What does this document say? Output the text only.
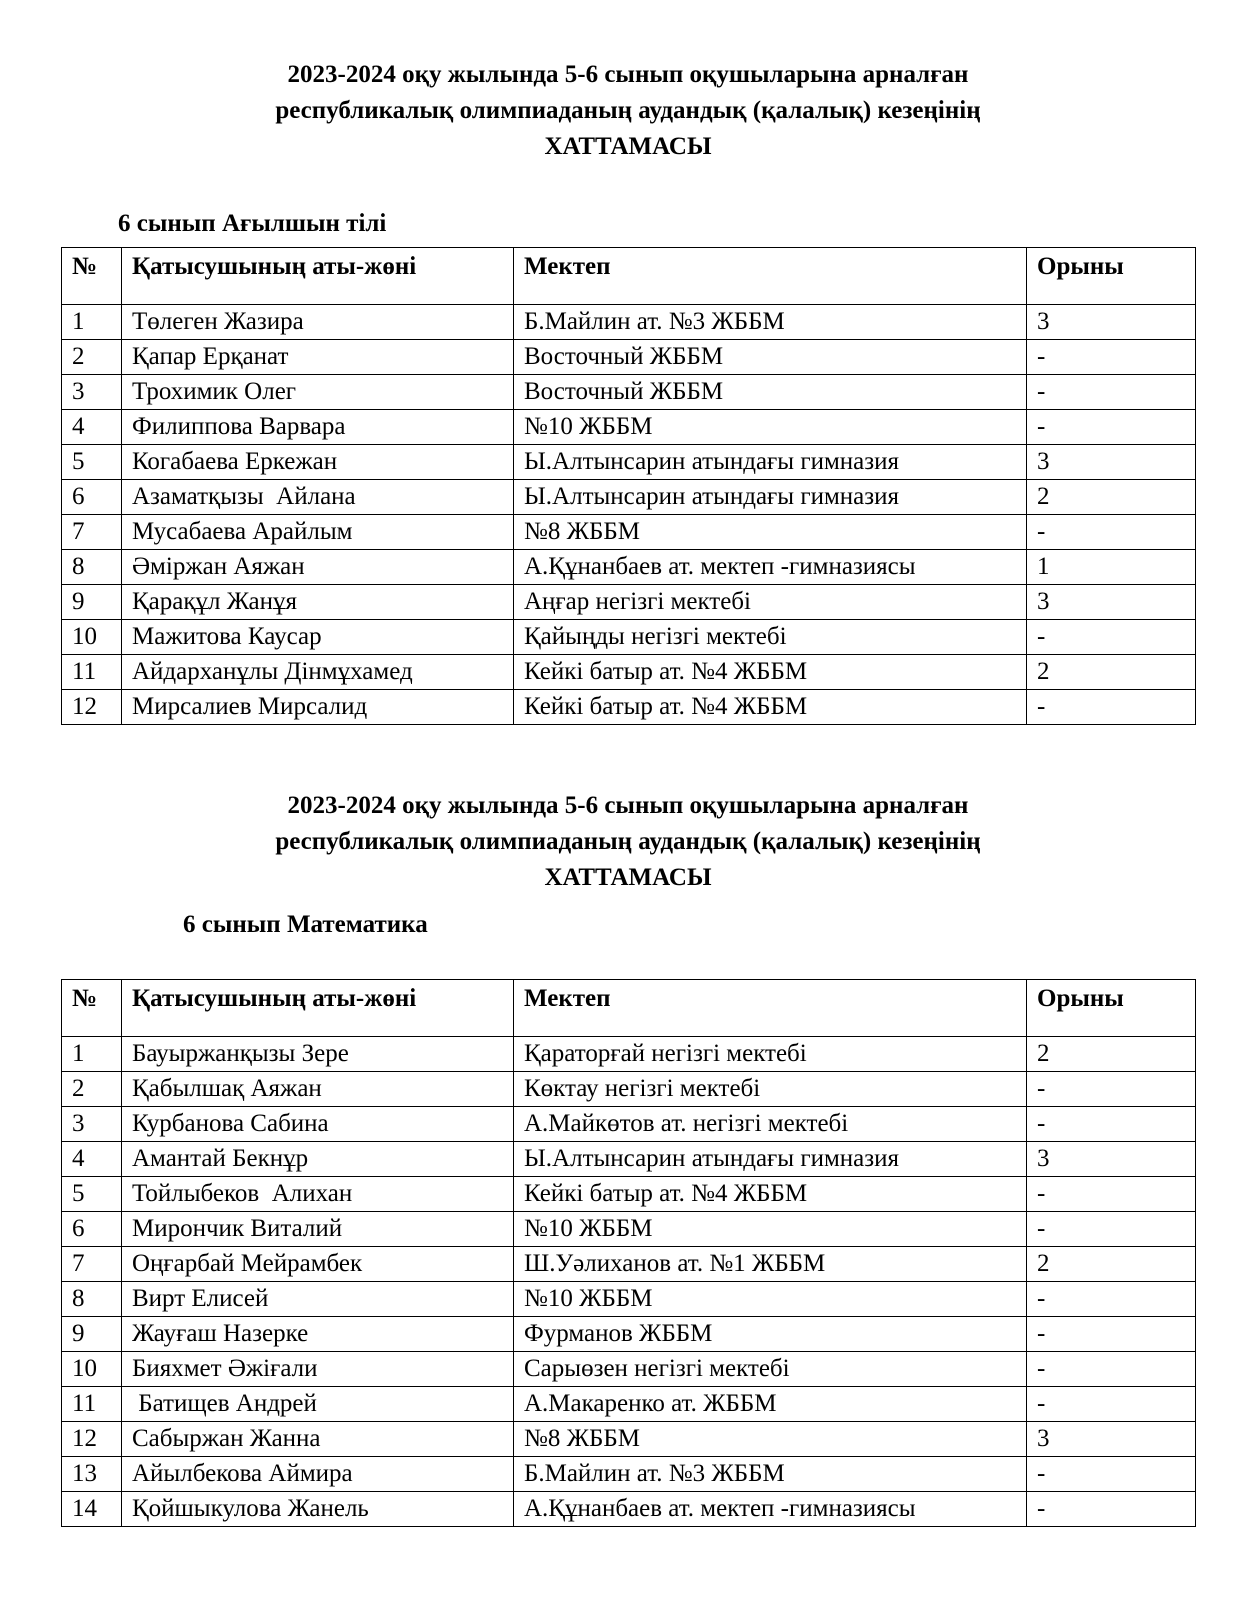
2023-2024 оқу жылында 5-6 сынып оқушыларына арналған
республикалық олимпиаданың аудандық (қалалық) кезеңінің
ХАТТАМАСЫ
6 сынып Ағылшын тілі
№	Қатысушының аты-жөні	Мектеп	Орыны
1	Төлеген Жазира	Б.Майлин ат. №3 ЖББМ	3
2	Қапар Ерқанат	Восточный ЖББМ	-
3	Трохимик Олег	Восточный ЖББМ	-
4	Филиппова Варвара	№10 ЖББМ	-
5	Когабаева Еркежан	Ы.Алтынсарин атындағы гимназия	3
6	Азаматқызы  Айлана	Ы.Алтынсарин атындағы гимназия	2
7	Мусабаева Арайлым	№8 ЖББМ	-
8	Әміржан Аяжан	А.Құнанбаев ат. мектеп -гимназиясы	1
9	Қарақұл Жанұя	Аңғар негізгі мектебі	3
10	Мажитова Каусар	Қайыңды негізгі мектебі	-
11	Айдарханұлы Дінмұхамед	Кейкі батыр ат. №4 ЖББМ	2
12	Мирсалиев Мирсалид	Кейкі батыр ат. №4 ЖББМ	-
2023-2024 оқу жылында 5-6 сынып оқушыларына арналған
республикалық олимпиаданың аудандық (қалалық) кезеңінің
ХАТТАМАСЫ
6 сынып Математика
№	Қатысушының аты-жөні	Мектеп	Орыны
1	Бауыржанқызы Зере	Қараторғай негізгі мектебі	2
2	Қабылшақ Аяжан	Көктау негізгі мектебі	-
3	Курбанова Сабина	А.Майкөтов ат. негізгі мектебі	-
4	Амантай Бекнұр	Ы.Алтынсарин атындағы гимназия	3
5	Тойлыбеков  Алихан	Кейкі батыр ат. №4 ЖББМ	-
6	Мирончик Виталий	№10 ЖББМ	-
7	Оңғарбай Мейрамбек	Ш.Уәлиханов ат. №1 ЖББМ	2
8	Вирт Елисей	№10 ЖББМ	-
9	Жауғаш Назерке	Фурманов ЖББМ	-
10	Бияхмет Әжіғали	Сарыөзен негізгі мектебі	-
11	Батищев Андрей	А.Макаренко ат. ЖББМ	-
12	Сабыржан Жанна	№8 ЖББМ	3
13	Айылбекова Аймира	Б.Майлин ат. №3 ЖББМ	-
14	Қойшыкулова Жанель	А.Құнанбаев ат. мектеп -гимназиясы	-
